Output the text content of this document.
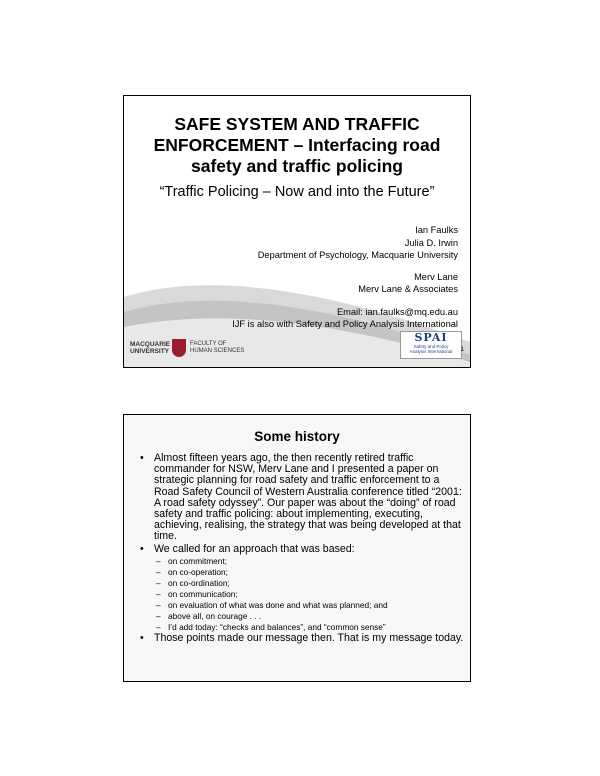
SAFE SYSTEM AND TRAFFIC
ENFORCEMENT – Interfacing road
safety and traffic policing
“Traffic Policing – Now and into the Future”
Ian Faulks
Julia D. Irwin
Department of Psychology, Macquarie University
Merv Lane
Merv Lane & Associates
Email: ian.faulks@mq.edu.au
IJF is also with Safety and Policy Analysis International
MACQUARIE
UNIVERSITY
FACULTY OF
HUMAN SCIENCES
SPAI
Safety and Policy
Analysis International	1
Some history
• Almost fifteen years ago, the then recently retired traffic commander for NSW, Merv Lane and I presented a paper on strategic planning for road safety and traffic enforcement to a Road Safety Council of Western Australia conference titled “2001: A road safety odyssey”. Our paper was about the “doing” of road safety and traffic policing: about implementing, executing, achieving, realising, the strategy that was being developed at that time.
• We called for an approach that was based:
– on commitment;
– on co-operation;
– on co-ordination;
– on communication;
– on evaluation of what was done and what was planned; and
– above all, on courage . . .
– I’d add today: “checks and balances”, and “common sense”
• Those points made our message then. That is my message today.
